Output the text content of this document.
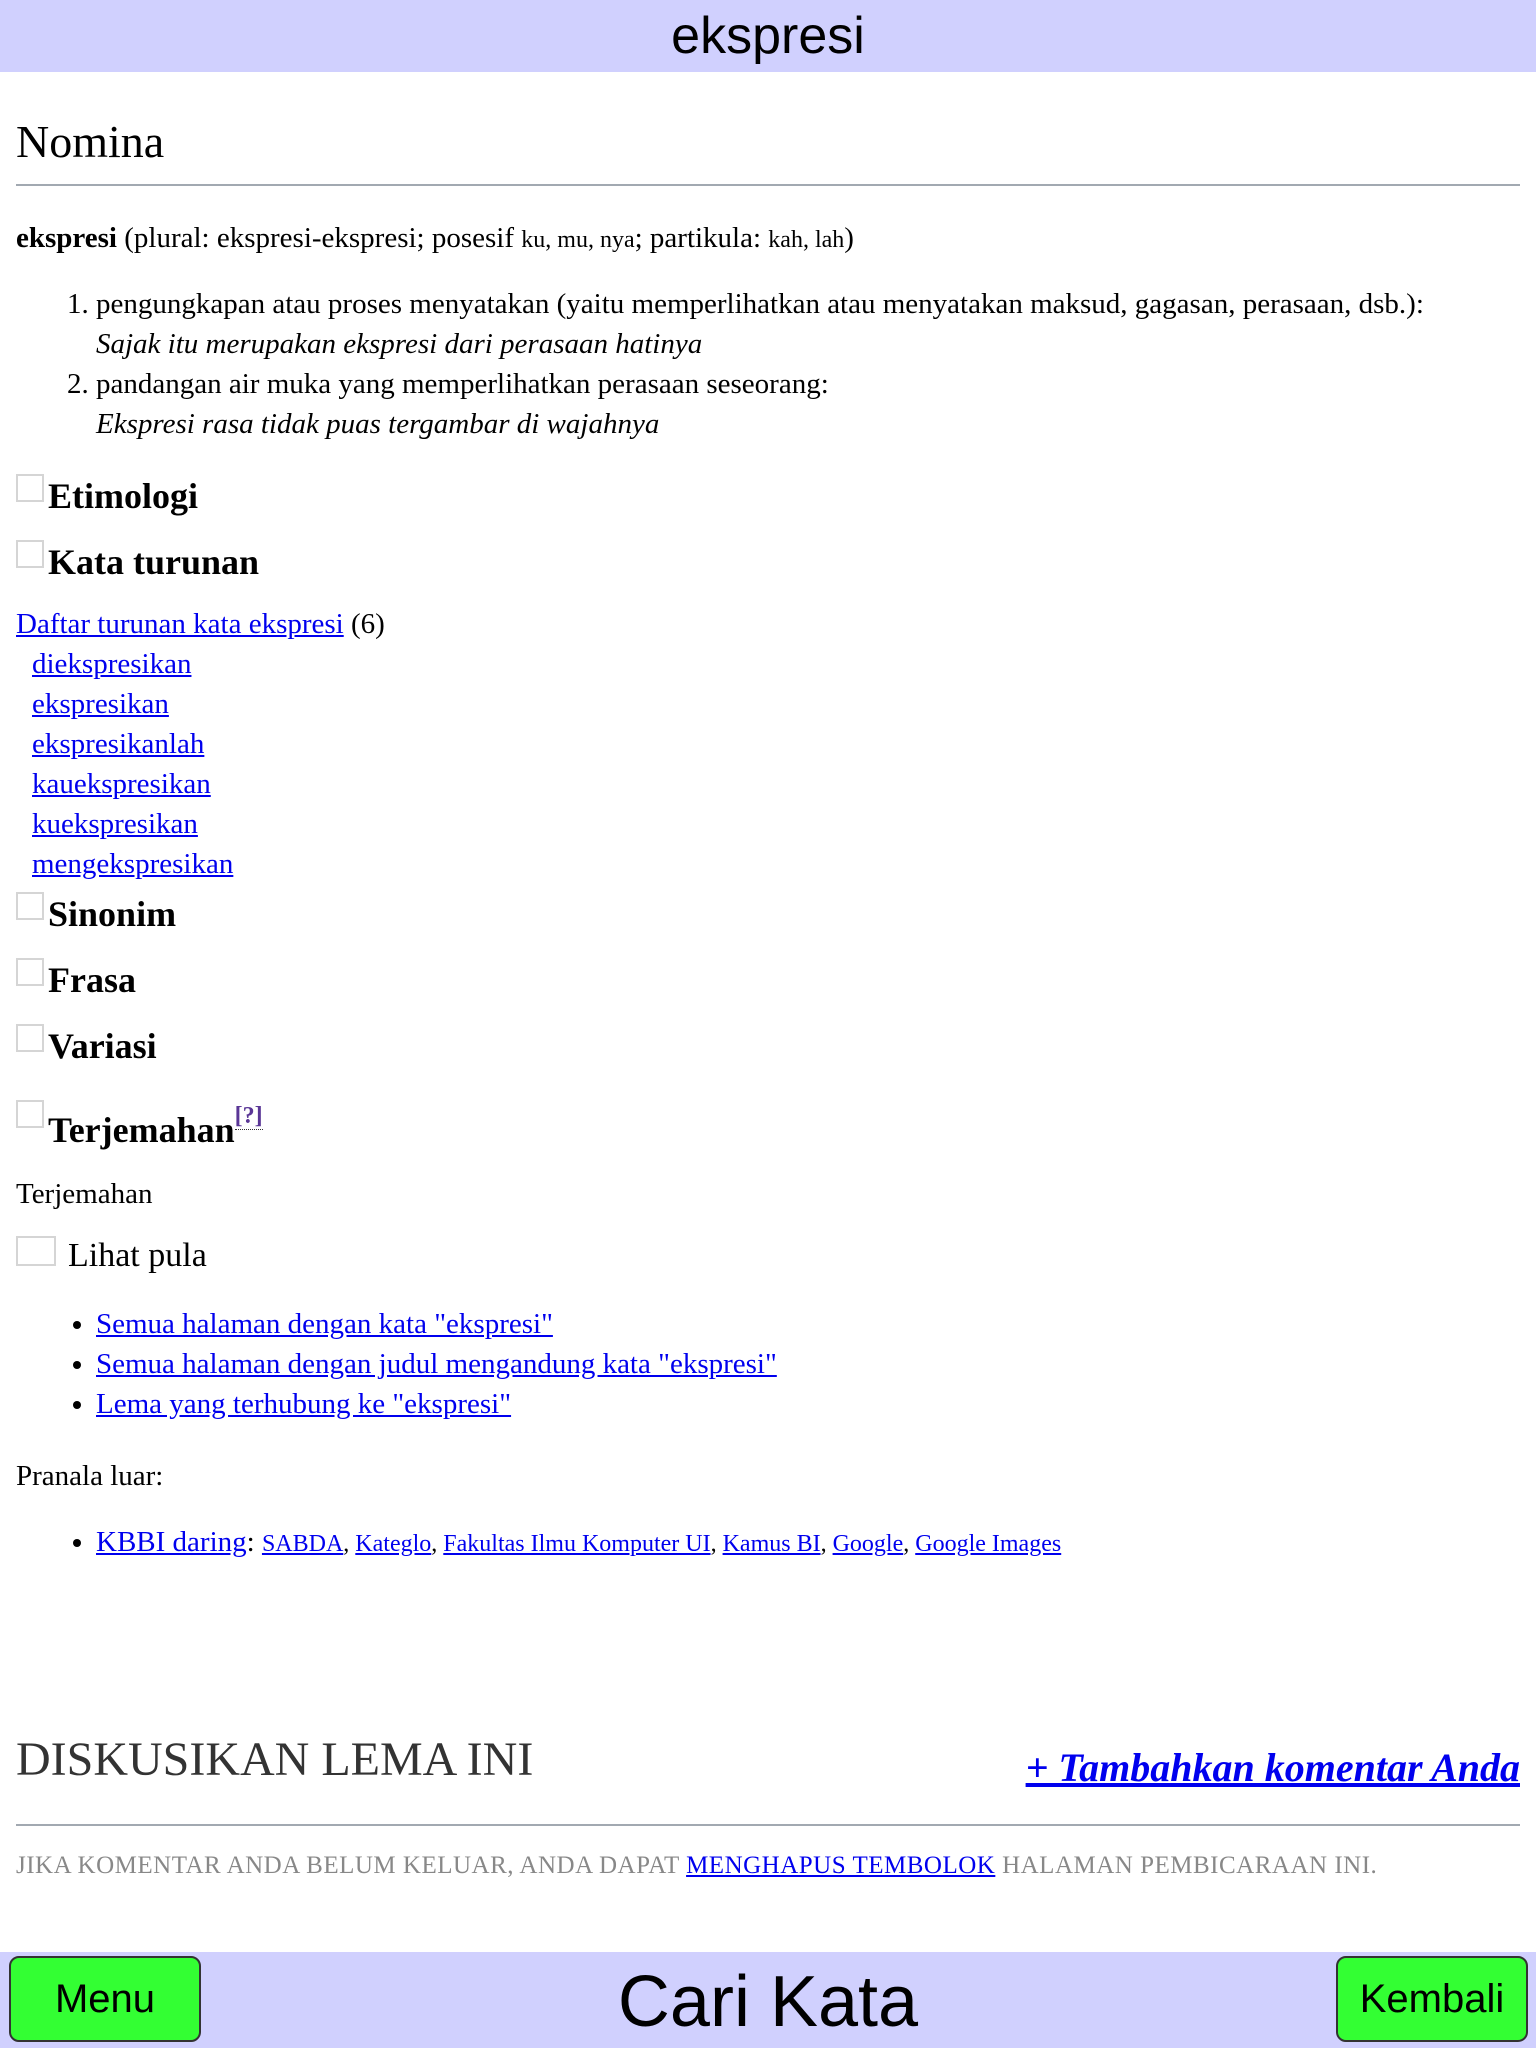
ekspresi
Nomina
ekspresi (plural: ekspresi-ekspresi; posesif ku, mu, nya; partikula: kah, lah)
1. pengungkapan atau proses menyatakan (yaitu memperlihatkan atau menyatakan maksud, gagasan, perasaan, dsb.):
Sajak itu merupakan ekspresi dari perasaan hatinya
2. pandangan air muka yang memperlihatkan perasaan seseorang:
Ekspresi rasa tidak puas tergambar di wajahnya
Etimologi
Kata turunan
Daftar turunan kata ekspresi (6)
diekspresikan
ekspresikan
ekspresikanlah
kauekspresikan
kuekspresikan
mengekspresikan
Sinonim
Frasa
Variasi
Terjemahan[?]
Terjemahan
Lihat pula
• Semua halaman dengan kata "ekspresi"
• Semua halaman dengan judul mengandung kata "ekspresi"
• Lema yang terhubung ke "ekspresi"
Pranala luar:
• KBBI daring: SABDA, Kateglo, Fakultas Ilmu Komputer UI, Kamus BI, Google, Google Images
DISKUSIKAN LEMA INI	+ Tambahkan komentar Anda
JIKA KOMENTAR ANDA BELUM KELUAR, ANDA DAPAT MENGHAPUS TEMBOLOK HALAMAN PEMBICARAAN INI.
Cari Kata
Menu	Kembali
